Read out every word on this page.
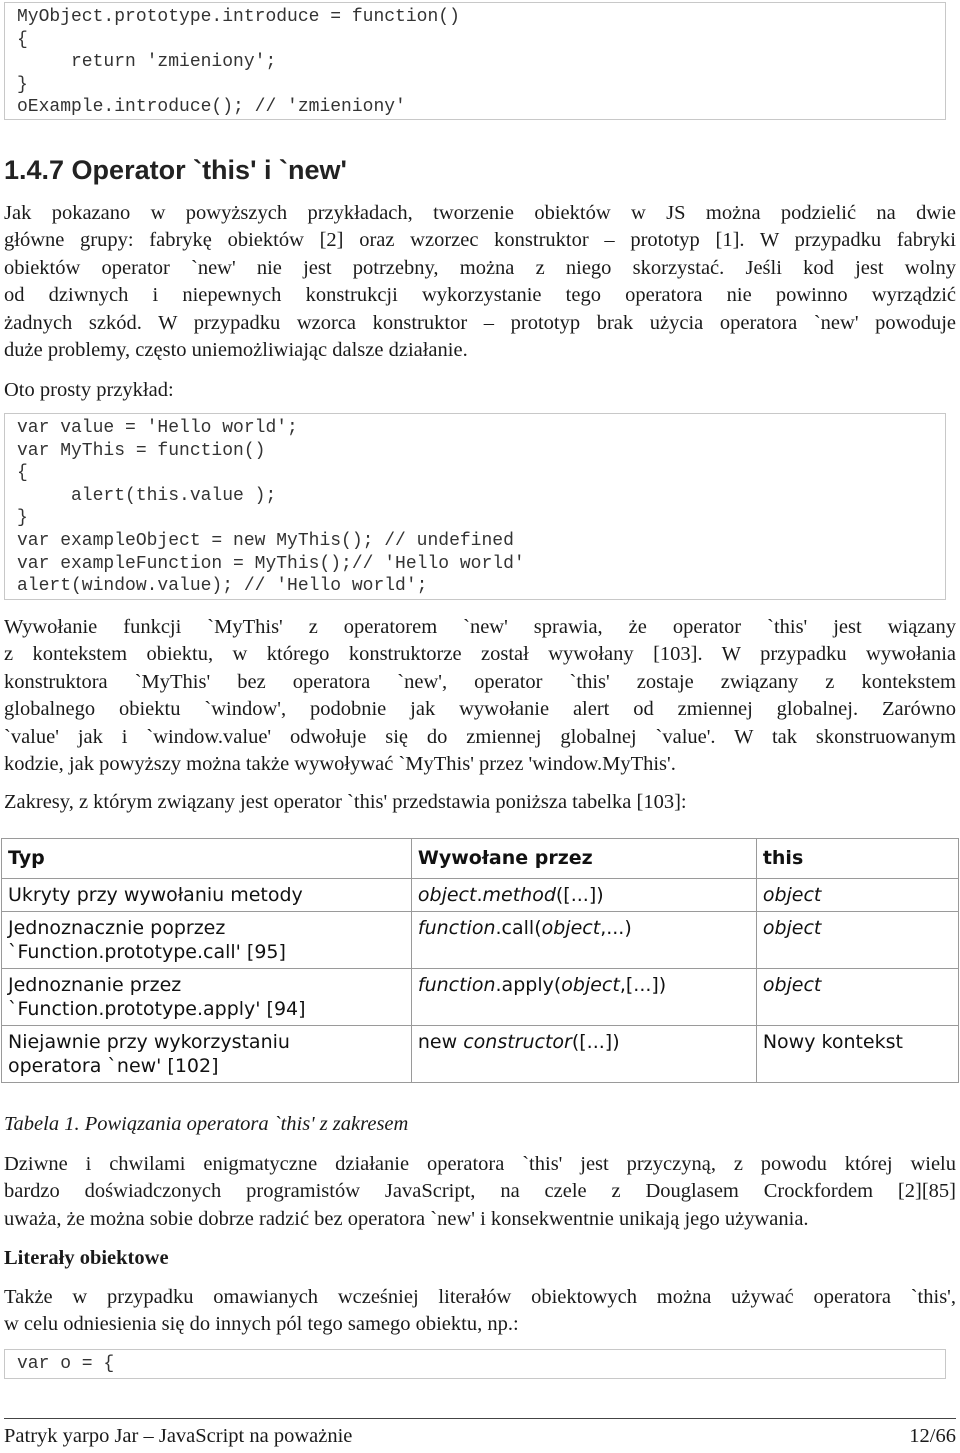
MyObject.prototype.introduce = function()
{
return 'zmieniony';
}
oExample.introduce(); // 'zmieniony'
1.4.7 Operator `this' i `new'
Jak pokazano w powyższych przykładach, tworzenie obiektów w JS można podzielić na dwie
główne grupy: fabrykę obiektów [2] oraz wzorzec konstruktor – prototyp [1]. W przypadku fabryki
obiektów operator `new' nie jest potrzebny, można z niego skorzystać. Jeśli kod jest wolny
od dziwnych i niepewnych konstrukcji wykorzystanie tego operatora nie powinno wyrządzić
żadnych szkód. W przypadku wzorca konstruktor – prototyp brak użycia operatora `new' powoduje
duże problemy, często uniemożliwiając dalsze działanie.
Oto prosty przykład:
var value = 'Hello world';
var MyThis = function()
{
alert(this.value );
}
var exampleObject = new MyThis(); // undefined
var exampleFunction = MyThis();// 'Hello world'
alert(window.value); // 'Hello world';
Wywołanie funkcji `MyThis' z operatorem `new' sprawia, że operator `this' jest wiązany
z kontekstem obiektu, w którego konstruktorze został wywołany [103]. W przypadku wywołania
konstruktora `MyThis' bez operatora `new', operator `this' zostaje związany z kontekstem
globalnego obiektu `window', podobnie jak wywołanie alert od zmiennej globalnej. Zarówno
`value' jak i `window.value' odwołuje się do zmiennej globalnej `value'. W tak skonstruowanym
kodzie, jak powyższy można także wywoływać `MyThis' przez 'window.MyThis'.
Zakresy, z którym związany jest operator `this' przedstawia poniższa tabelka [103]:
Typ	Wywołane przez	this
Ukryty przy wywołaniu metody	object.method([...])	object

Jednoznacznie poprzez
`Function.prototype.call' [95]	function.call(object,...)	object

Jednoznanie przez
`Function.prototype.apply' [94]	function.apply(object,[...])	object

Niejawnie przy wykorzystaniu
operatora `new' [102]	new constructor([...])	Nowy kontekst
Tabela 1. Powiązania operatora `this' z zakresem
Dziwne i chwilami enigmatyczne działanie operatora `this' jest przyczyną, z powodu której wielu
bardzo doświadczonych programistów JavaScript, na czele z Douglasem Crockfordem [2][85]
uważa, że można sobie dobrze radzić bez operatora `new' i konsekwentnie unikają jego używania.
Literały obiektowe
Także w przypadku omawianych wcześniej literałów obiektowych można używać operatora `this',
w celu odniesienia się do innych pól tego samego obiektu, np.:
var o = {
Patryk yarpo Jar – JavaScript na poważnie	12/66
